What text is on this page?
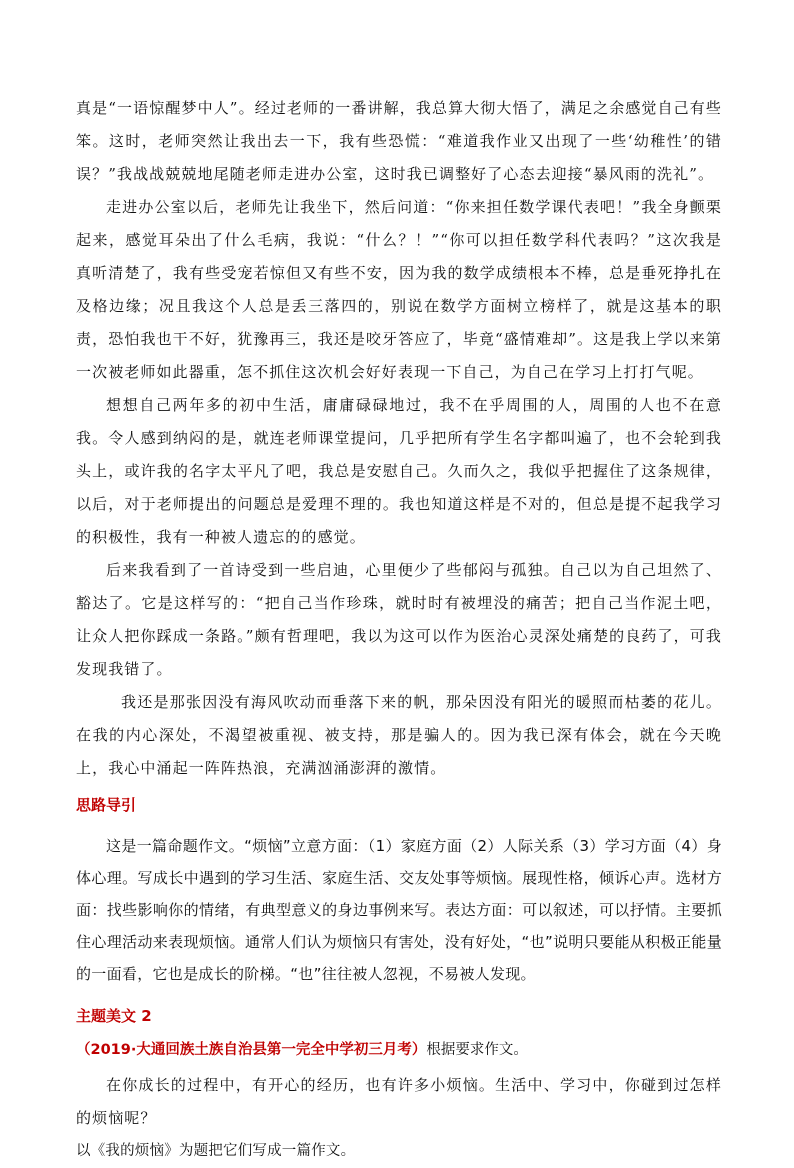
真是“一语惊醒梦中人”。经过老师的一番讲解，我总算大彻大悟了，满足之余感觉自己有些笨。这时，老师突然让我出去一下，我有些恐慌：“难道我作业又出现了一些‘幼稚性’的错误？”我战战兢兢地尾随老师走进办公室，这时我已调整好了心态去迎接“暴风雨的洗礼”。

走进办公室以后，老师先让我坐下，然后问道：“你来担任数学课代表吧！”我全身颤栗起来，感觉耳朵出了什么毛病，我说：“什么？！”“你可以担任数学科代表吗？”这次我是真听清楚了，我有些受宠若惊但又有些不安，因为我的数学成绩根本不棒，总是垂死挣扎在及格边缘；况且我这个人总是丢三落四的，别说在数学方面树立榜样了，就是这基本的职责，恐怕我也干不好，犹豫再三，我还是咬牙答应了，毕竟“盛情难却”。这是我上学以来第一次被老师如此器重，怎不抓住这次机会好好表现一下自己，为自己在学习上打打气呢。

想想自己两年多的初中生活，庸庸碌碌地过，我不在乎周围的人，周围的人也不在意我。令人感到纳闷的是，就连老师课堂提问，几乎把所有学生名字都叫遍了，也不会轮到我头上，或许我的名字太平凡了吧，我总是安慰自己。久而久之，我似乎把握住了这条规律，以后，对于老师提出的问题总是爱理不理的。我也知道这样是不对的，但总是提不起我学习的积极性，我有一种被人遗忘的的感觉。

后来我看到了一首诗受到一些启迪，心里便少了些郁闷与孤独。自己以为自己坦然了、豁达了。它是这样写的：“把自己当作珍珠，就时时有被埋没的痛苦；把自己当作泥土吧，让众人把你踩成一条路。”颇有哲理吧，我以为这可以作为医治心灵深处痛楚的良药了，可我发现我错了。

我还是那张因没有海风吹动而垂落下来的帆，那朵因没有阳光的暖照而枯萎的花儿。在我的内心深处，不渴望被重视、被支持，那是骗人的。因为我已深有体会，就在今天晚上，我心中涌起一阵阵热浪，充满汹涌澎湃的激情。

思路导引

这是一篇命题作文。“烦恼”立意方面：（1）家庭方面（2）人际关系（3）学习方面（4）身体心理。写成长中遇到的学习生活、家庭生活、交友处事等烦恼。展现性格，倾诉心声。选材方面：找些影响你的情绪，有典型意义的身边事例来写。表达方面：可以叙述，可以抒情。主要抓住心理活动来表现烦恼。通常人们认为烦恼只有害处，没有好处，“也”说明只要能从积极正能量的一面看，它也是成长的阶梯。“也”往往被人忽视，不易被人发现。

主题美文 2

（2019·大通回族土族自治县第一完全中学初三月考）根据要求作文。

在你成长的过程中，有开心的经历，也有许多小烦恼。生活中、学习中，你碰到过怎样的烦恼呢？

以《我的烦恼》为题把它们写成一篇作文。
